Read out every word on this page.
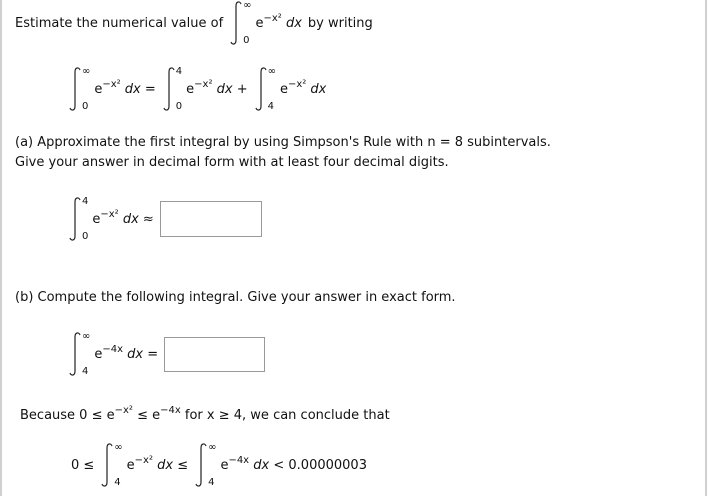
Estimate the numerical value of
∞
0
$e^{-x^2}$ dx by writing
∞
0
$e^{-x^2}$ dx =
4
0
$e^{-x^2}$ dx +
∞
4
$e^{-x^2}$ dx
(a) Approximate the first integral by using Simpson's Rule with n = 8 subintervals.
Give your answer in decimal form with at least four decimal digits.
4
0
$e^{-x^2}$ dx ≈
(b) Compute the following integral. Give your answer in exact form.
∞
4
$e^{-4x}$ dx =
Because $0 \le e^{-x^2} \le e^{-4x}$ for x ≥ 4, we can conclude that
0 ≤
∞
4
$e^{-x^2}$ dx ≤
∞
4
$e^{-4x}$ dx < 0.00000003
